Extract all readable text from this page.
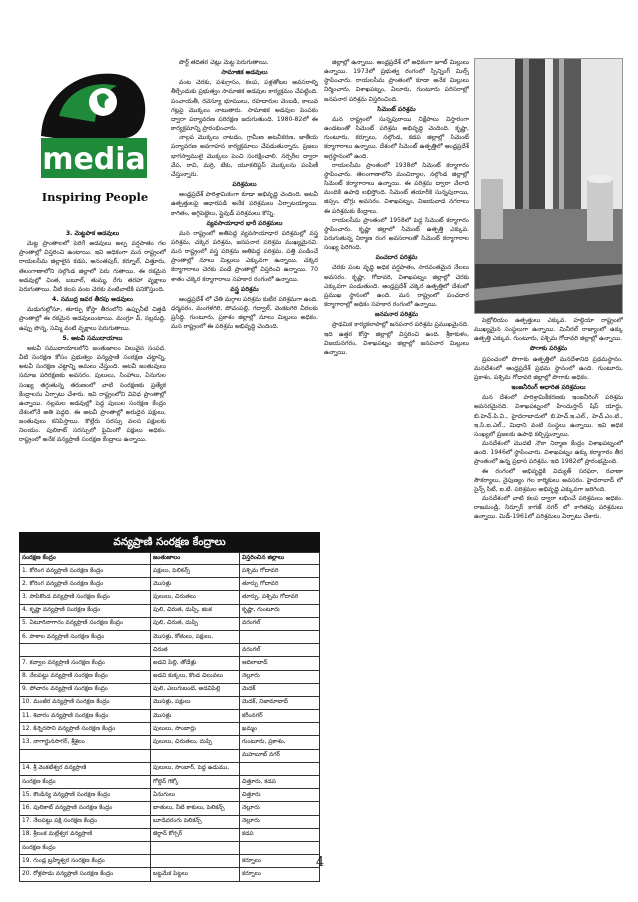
media
Inspiring People

3. మెట్టపాక అడవులు

మెట్ట ప్రాంతాలలో పెరిగే అడవులు అల్ప వర్షపాతం గల ప్రాంతాల్లో విస్తరించి ఉంటాయి. ఇవి అధికంగా మన రాష్ట్రంలో రాయలసీమ జిల్లాలైన కడప, అనంతపుర్, కర్నూల్, చిత్తూరు, తెలంగాణాలోని నల్గొండ జిల్లాలో పెరు గుతాయి. ఈ రకమైన అడవుల్లో చింత, బబూల్, తుమ్మ, రేగు తరహా వృక్షాలు పెరుగుతాయి. వీటి కలప వంట చెరకు వంటివాటికి పనికొస్తుంది.

4. సముద్ర జవర తీరపు అడవులు

మడుగుల్లోనూ, తూర్పు కోస్తా తీరంలోని ఉప్పునీటి చిత్తడి ప్రాంతాల్లో ఈ రకమైన అడవులుంటాయి. మంగ్రూ వ్, నల్లమద్ది, ఉప్పు పొన్న, సమ్మి వంటి వృక్షాలు పెరుగుతాయి.

5. అటవీ సముదాయాలు

అటవీ సముదాయాలలోని జంతుజాలం విలువైన సంపద. వీటి సంరక్షణ కోసం ప్రభుత్వం వన్యప్రాణి సంరక్షణ చట్టాన్ని, అటవీ సంరక్షణ చట్టాన్ని అమలు చేస్తుంది. అటవీ జంతువులు సమాజ పరిరక్షణకు అవసరం. పులులు, సింహాలు, ఏనుగుల సంఖ్య తగ్గుతున్న తరుణంలో వాటి సంరక్షణకు ప్రత్యేక కేంద్రాలను ఏర్పాటు చేశారు. ఇవి రాష్ట్రంలోని వివిధ ప్రాంతాల్లో ఉన్నాయి. నల్లమల అడవుల్లో పెద్ద పులుల సంరక్షణ కేంద్రం దేశంలోనే అతి పెద్దది. ఈ అటవీ ప్రాంతాల్లో అరుదైన పక్షులు, జంతువులు కనిపిస్తాయి. కొల్లేరు సరస్సు వలస పక్షులకు నిలయం. పులికాట్ సరస్సులో ఫ్లెమింగో పక్షులు అధికం. రాష్ట్రంలో అనేక వన్యప్రాణి సంరక్షణ కేంద్రాలు ఉన్నాయి.

పొర్ట్ తదితర చెట్లు మెట్ట పెరుగుతాయి.

సామాజిక అడవులు

వంట చెరకు, పశుగ్రాసం, కలప, పళ్లతోటల అవసరాల్ని తీర్చేందుకు ప్రభుత్వం సామాజిక అడవుల కార్యక్రమం చేపట్టింది. పంచాయతీ, రెవెన్యూ భూములు, రహదారుల వెంబడి, కాలువ గట్లపై మొక్కలు నాటుతారు. సామాజిక అడవుల పెంపకం ద్వారా పర్యావరణ పరిరక్షణ జరుగుతుంది. 1980-82లో ఈ కార్యక్రమాన్ని ప్రారంభించారు.

నాల్గవ మొక్కలు నాటడం, గ్రామీణ అటవీకరణ, జాతీయ పర్యావరణ అవగాహన కార్యక్రమాలు చేపడుతున్నారు. ప్రజలు భాగస్వాములై మొక్కలు పెంచి సంరక్షించాలి. నర్సరీల ద్వారా వేప, రావి, మర్రి, టేకు, యూకలిప్టస్ మొక్కలను పంపిణీ చేస్తున్నారు.

పరిశ్రమలు

ఆంధ్రప్రదేశ్ పారిశ్రామికంగా కూడా అభివృద్ధి చెందింది. అటవీ ఉత్పత్తులపై ఆధారపడి అనేక పరిశ్రమలు ఏర్పాటయ్యాయి. కాగితం, అగ్గిపెట్టెలు, ప్లైవుడ్ పరిశ్రమలు కొన్ని.

వ్యవసాయాధార భారీ పరిశ్రమలు

మన రాష్ట్రంలో అతిపెద్ద వ్యవసాయాధార పరిశ్రమల్లో వస్త్ర పరిశ్రమ, చక్కెర పరిశ్రమ, జనపనార పరిశ్రమ ముఖ్యమైనవి. మన రాష్ట్రంలో వస్త్ర పరిశ్రమ అతిపెద్ద పరిశ్రమ. పత్తి పండించే ప్రాంతాల్లో నూలు మిల్లులు ఎక్కువగా ఉన్నాయి. చక్కెర కర్మాగారాలు చెరకు పండే ప్రాంతాల్లో విస్తరించి ఉన్నాయి. 70 శాతం చక్కెర కర్మాగారాలు సహకార రంగంలో ఉన్నాయి.

వస్త్ర పరిశ్రమ

ఆంధ్రప్రదేశ్ లో చేతి మగ్గాల పరిశ్రమ కుటీర పరిశ్రమగా ఉంది. ధర్మవరం, మంగళగిరి, పోచంపల్లి, గద్వాల్, వెంకటగిరి చీరలకు ప్రసిద్ధి. గుంటూరు, ప్రకాశం జిల్లాల్లో నూలు మిల్లులు అధికం. మన రాష్ట్రంలో ఈ పరిశ్రమ అభివృద్ధి చెందింది.

జిల్లాల్లో ఉన్నాయి. ఆంధ్రప్రదేశ్ లో అధికంగా జూట్ మిల్లులు ఉన్నాయి. 1973లో ప్రభుత్వ రంగంలో స్పిన్నింగ్ మిల్స్ స్థాపించారు. రాయలసీమ ప్రాంతంలో కూడా అనేక మిల్లులు నిర్మించారు. విశాఖపట్నం, ఏలూరు, గుంటూరు పరిసరాల్లో జనపనార పరిశ్రమ విస్తరించింది.

సిమెంట్ పరిశ్రమ

మన రాష్ట్రంలో సున్నపురాయి నిక్షేపాలు విస్తారంగా ఉండటంతో సిమెంట్ పరిశ్రమ అభివృద్ధి చెందింది. కృష్ణా, గుంటూరు, కర్నూలు, నల్గొండ, కడప జిల్లాల్లో సిమెంట్ కర్మాగారాలు ఉన్నాయి. దేశంలో సిమెంట్ ఉత్పత్తిలో ఆంధ్రప్రదేశ్ అగ్రస్థానంలో ఉంది.

రాయలసీమ ప్రాంతంలో 1938లో సిమెంట్ కర్మాగారం స్థాపించారు. తెలంగాణాలోని మంచిర్యాల, నల్గొండ జిల్లాల్లో సిమెంట్ కర్మాగారాలు ఉన్నాయి. ఈ పరిశ్రమ ద్వారా వేలాది మందికి ఉపాధి లభిస్తోంది. సిమెంట్ తయారీకి సున్నపురాయి, జిప్సం, బొగ్గు అవసరం. విశాఖపట్నం, విజయవాడ నగరాలు ఈ పరిశ్రమకు కేంద్రాలు.

రాయలసీమ ప్రాంతంలో 1958లో పెద్ద సిమెంట్ కర్మాగారం స్థాపించారు. కృష్ణా జిల్లాలో సిమెంట్ ఉత్పత్తి ఎక్కువ. పెరుగుతున్న నిర్మాణ రంగ అవసరాలతో సిమెంట్ కర్మాగారాల సంఖ్య పెరిగింది.

పంచదార పరిశ్రమ

చెరకు పంట వృద్ధి అధిక వర్షపాతం, సారవంతమైన నేలలు అవసరం. కృష్ణా, గోదావరి, విశాఖపట్నం జిల్లాల్లో చెరకు ఎక్కువగా పండుతుంది. ఆంధ్రప్రదేశ్ చక్కెర ఉత్పత్తిలో దేశంలో ప్రముఖ స్థానంలో ఉంది. మన రాష్ట్రంలో పంచదార కర్మాగారాల్లో అధికం సహకార రంగంలో ఉన్నాయి.

జనపనార పరిశ్రమ

ప్రాథమిక కార్యకలాపాల్లో జనపనార పరిశ్రమ ప్రముఖమైనది. ఇది ఉత్తర కోస్తా జిల్లాల్లో విస్తరించి ఉంది. శ్రీకాకుళం, విజయనగరం, విశాఖపట్నం జిల్లాల్లో జనపనార మిల్లులు ఉన్నాయి.

పెట్రోలియం ఉత్పత్తులు ఎక్కువ. హల్దియా రాష్ట్రంలో ముఖ్యమైన సంస్థలుగా ఉన్నాయి. మినీరల్ రాజ్యాంలో ఉక్కు ఉత్పత్తి ఎక్కువ. గుంటూరు, పశ్చిమ గోదావరి జిల్లాల్లో ఉన్నాయి.

పొగాకు పరిశ్రమ

ప్రపంచంలో పొగాకు ఉత్పత్తిలో మనదేశానిది ప్రథమస్థానం. మనదేశంలో ఆంధ్రప్రదేశ్ ప్రథమ స్థానంలో ఉంది. గుంటూరు, ప్రకాశం, పశ్చిమ గోదావరి జిల్లాల్లో పొగాకు అధికం.

ఇంజనీరింగ్ ఆధారిత పరిశ్రమలు

మన దేశంలో పారిశ్రామికీకరణకు ఇంజనీరింగ్ పరిశ్రమ అవసరమైనది. విశాఖపట్నంలో హిందుస్తాన్ షిప్ యార్డు, బి.హెచ్.పి.వి., హైదరాబాదులో బి.హెచ్.ఇ.ఎల్., హెచ్.ఎం.టి., ఇ.సి.ఐ.ఎల్., మిధాని వంటి సంస్థలు ఉన్నాయి. ఇవి అధిక సంఖ్యలో ప్రజలకు ఉపాధి కల్పిస్తున్నాయి.

మనదేశంలో మొదటి నౌకా నిర్మాణ కేంద్రం విశాఖపట్నంలో ఉంది. 1946లో స్థాపించారు. విశాఖపట్నం ఉక్కు కర్మాగారం తీర ప్రాంతంలో ఉన్న ప్రధాన పరిశ్రమ. ఇది 1982లో ప్రారంభమైంది.

ఈ రంగంలో అభివృద్ధికి విద్యుత్ సరఫరా, రవాణా సౌకర్యాలు, నైపుణ్యం గల కార్మికులు అవసరం. హైదరాబాద్ లో సైన్స్ సిటీ, ఐ.టి. పరిశ్రమల అభివృద్ధి ఎక్కువగా జరిగింది.

మనదేశంలో వాటి కలప ద్వారా లభించే పరిశ్రమలు అధికం. రాజమండ్రి, సిర్పూర్ కాగజ్ నగర్ లో కాగితపు పరిశ్రమలు ఉన్నాయి. మిడ్-1961లో పరిశ్రమలు ఏర్పాటు చేశారు.

వన్యప్రాణి సంరక్షణ కేంద్రాలు
సంరక్షణ కేంద్రం	జంతుజాలం	విస్తరించిన జిల్లాలు
1. కోరింగ వన్యప్రాణి సంరక్షణ కేంద్రం	పక్షులు, పెలికన్స్	పశ్చిమ గోదావరి
2. కోరింగ వన్యప్రాణి సంరక్షణ కేంద్రం	మొసళ్లు	తూర్పు గోదావరి
3. పాపికొండ వన్యప్రాణి సంరక్షణ కేంద్రం	పులులు, చిరుతలు	తూర్పు, పశ్చిమ గోదావరి
4. కృష్ణా వన్యప్రాణి సంరక్షణ కేంద్రం	పులి, చిరుత, దుప్పి, జింక	కృష్ణా, గుంటూరు
5. ఏటూరినాగారం వన్యప్రాణి సంరక్షణ కేంద్రం	పులి, చిరుత, దుప్పి	వరంగల్
6. పాకాల వన్యప్రాణి సంరక్షణ కేంద్రం	మొసళ్లు, కోతులు, పక్షులు,	
	చిరుత	వరంగల్
7. కవ్వాల వన్యప్రాణి సంరక్షణ కేంద్రం	అడవి పిల్లి, తోడేళ్లు	ఆదిలాబాద్
8. నేలపట్టు వన్యప్రాణి సంరక్షణ కేంద్రం	అడవి కుక్కలు, కొండ చిలువలు	నెల్లూరు
9. పోచారం వన్యప్రాణి సంరక్షణ కేంద్రం	పులి, ఎలుగుబంటి, అడవిపిల్లి	మెదక్
10. మంజీర వన్యప్రాణి సంరక్షణ కేంద్రం	మొసళ్లు, పక్షులు	మెదక్, నిజామాబాద్
11. శివారం వన్యప్రాణి సంరక్షణ కేంద్రం	మొసళ్లు	కరీంనగర్
12. కిన్నెరసాని వన్యప్రాణి సంరక్షణ కేంద్రం	పులులు, సాంబార్లు	ఖమ్మం
13. నాగార్జునసాగర్, శ్రీశైలం	పులులు, చిరుతలు, దుప్పి	గుంటూరు, ప్రకాశం,
		మహబూబ్ నగర్
14. శ్రీ వెంకటేశ్వర వన్యప్రాణి	పులులు, సాంబార్, పెద్ద ఉడుము,	
సంరక్షణ కేంద్రం	గోల్డెన్ గెక్కో	చిత్తూరు, కడప
15. కౌండిన్య వన్యప్రాణి సంరక్షణ కేంద్రం	ఏనుగులు	చిత్తూరు
16. పులికాట్ వన్యప్రాణి సంరక్షణ కేంద్రం	బాతులు, నీటి కాకులు, పెలికన్స్	నెల్లూరు
17. నేలపట్టు పక్షి సంరక్షణ కేంద్రం	బూడిదరంగు పెలికన్స్	నెల్లూరు
18. శ్రీలంక మల్లేశ్వర వన్యప్రాణి	జెర్డాన్ కోర్సర్	కడప
సంరక్షణ కేంద్రం		
19. గుండ్ల బ్రహ్మేశ్వర సంరక్షణ కేంద్రం		కర్నూలు
20. రోళ్లపాడు వన్యప్రాణి సంరక్షణ కేంద్రం	బట్టమేక పిట్టలు	కర్నూలు
4
